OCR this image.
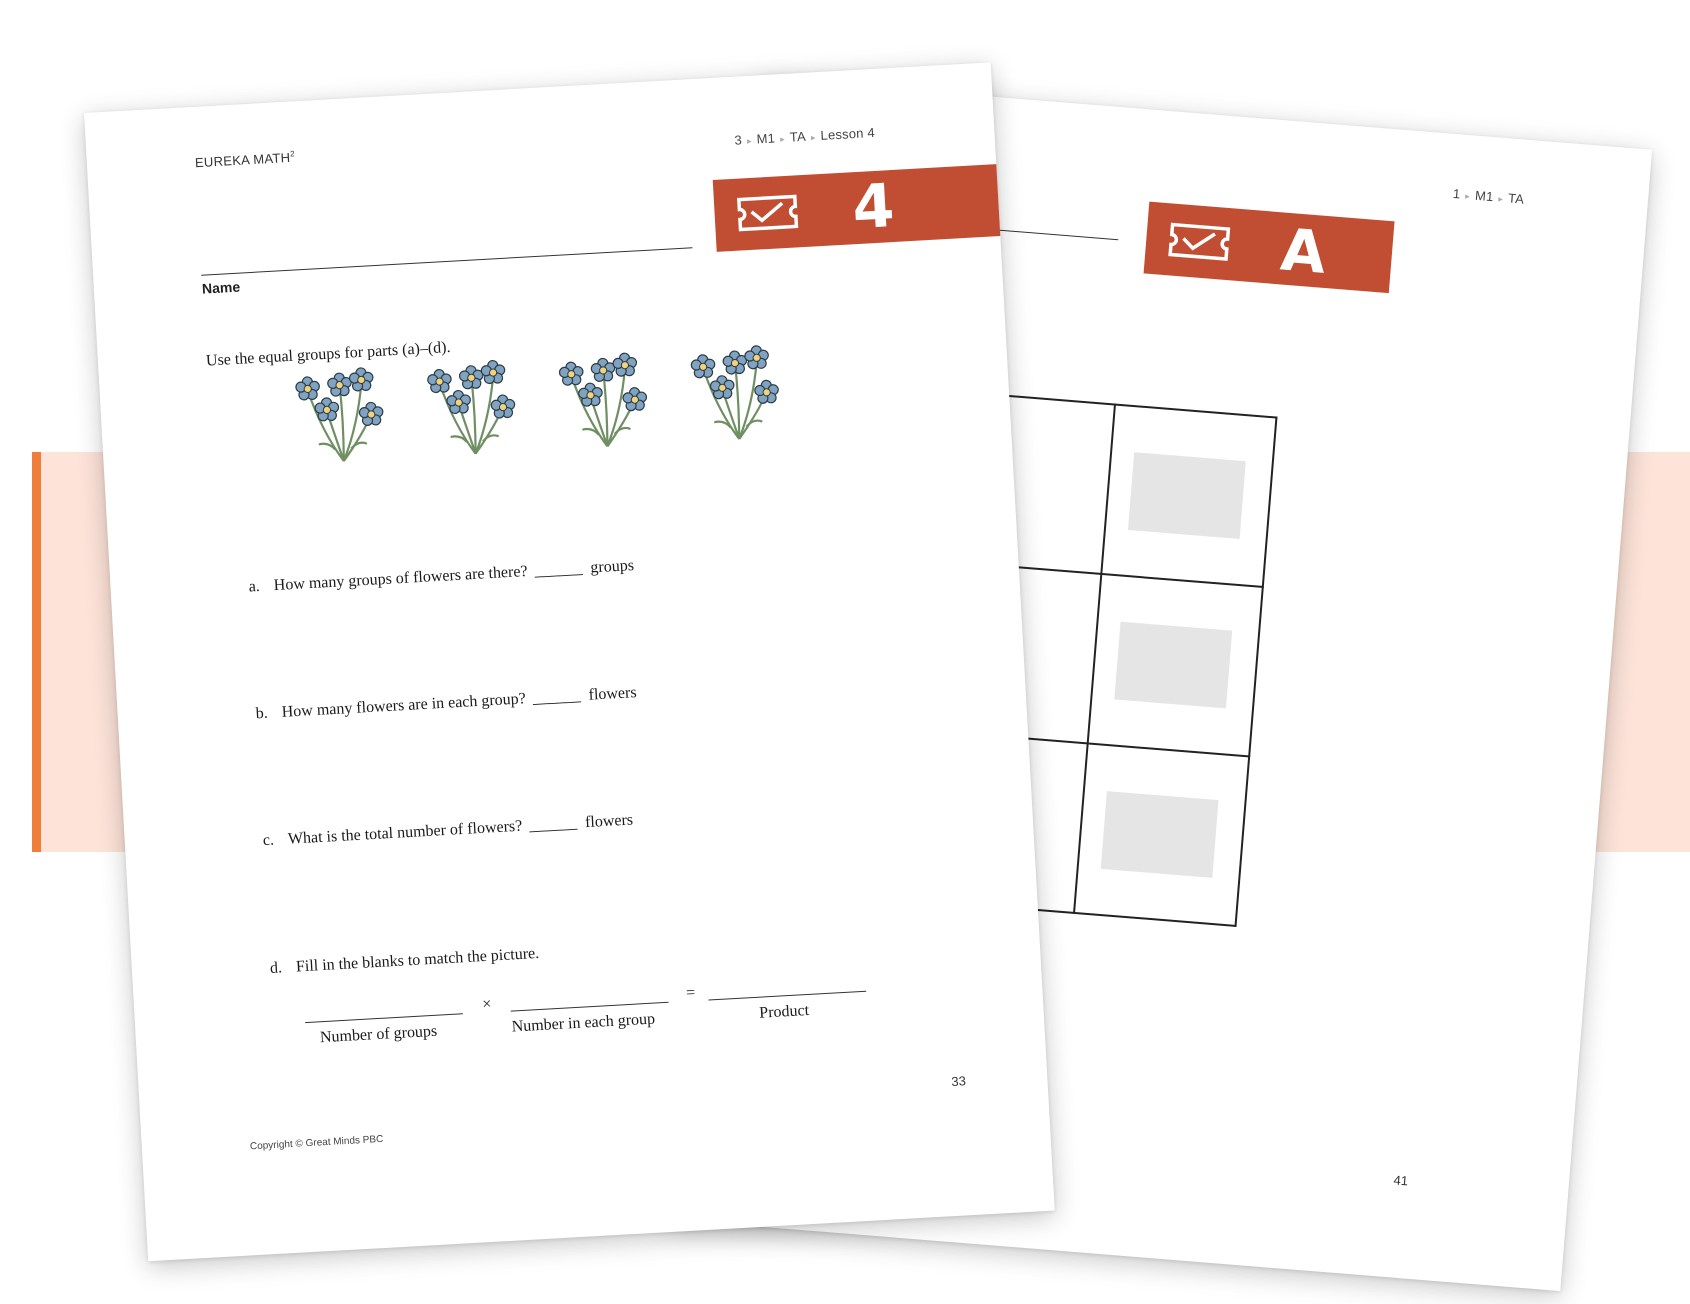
1 ▸ M1 ▸ TA
A

41
EUREKA MATH$^2$
3 ▸ M1 ▸ TA ▸ Lesson 4
4
Name
Use the equal groups for parts (a)–(d).
a. How many groups of flowers are there? ______ groups
b. How many flowers are in each group? ______ flowers
c. What is the total number of flowers? ______ flowers
d. Fill in the blanks to match the picture.
Number of groups
×
Number in each group
=
Product
33
Copyright © Great Minds PBC
